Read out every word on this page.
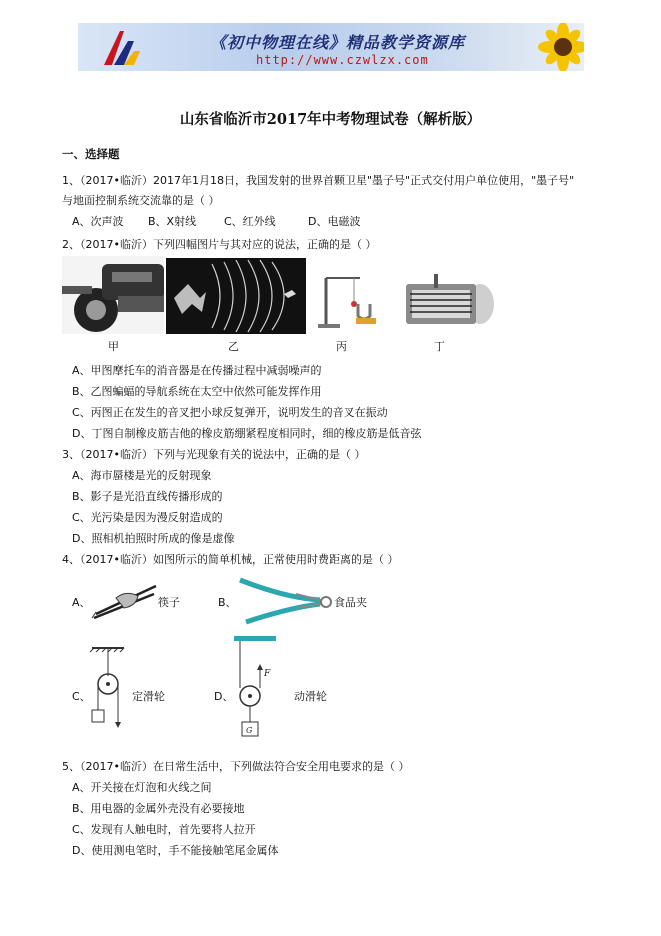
《初中物理在线》精品教学资源库
http://www.czwlzx.com
山东省临沂市2017年中考物理试卷（解析版）
一、选择题
1、（2017•临沂）2017年1月18日，我国发射的世界首颗卫星"墨子号"正式交付用户单位使用，"墨子号"
与地面控制系统交流靠的是（ ）
A、次声波 B、X射线	C、红外线	D、电磁波
2、（2017•临沂）下列四幅图片与其对应的说法，正确的是（ ）
甲	乙	丙	丁
A、甲图摩托车的消音器是在传播过程中减弱噪声的
B、乙图蝙蝠的导航系统在太空中依然可能发挥作用
C、丙图正在发生的音叉把小球反复弹开，说明发生的音叉在振动
D、丁图自制橡皮筋吉他的橡皮筋绷紧程度相同时，细的橡皮筋是低音弦
3、（2017•临沂）下列与光现象有关的说法中，正确的是（ ）
A、海市蜃楼是光的反射现象
B、影子是光沿直线传播形成的
C、光污染是因为漫反射造成的
D、照相机拍照时所成的像是虚像
4、（2017•临沂）如图所示的简单机械，正常使用时费距离的是（ ）
A、	筷子	B、	食品夹
C、	定滑轮	D、
F
G
动滑轮
5、（2017•临沂）在日常生活中，下列做法符合安全用电要求的是（ ）
A、开关接在灯泡和火线之间
B、用电器的金属外壳没有必要接地
C、发现有人触电时，首先要将人拉开
D、使用测电笔时，手不能接触笔尾金属体
